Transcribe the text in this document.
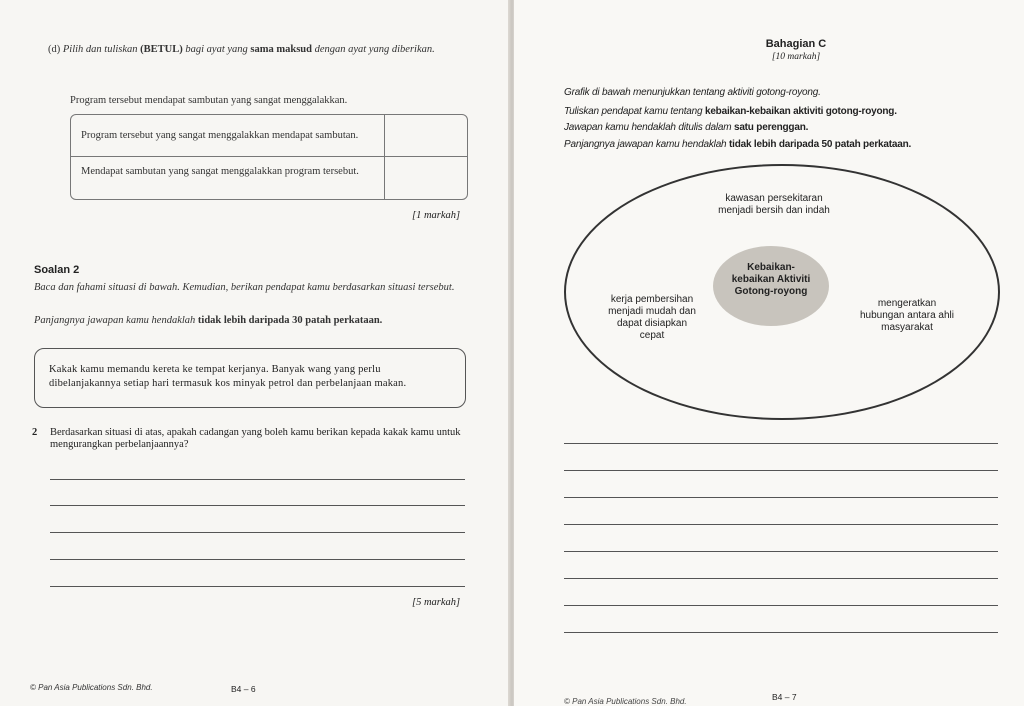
(d) Pilih dan tuliskan (BETUL) bagi ayat yang sama maksud dengan ayat yang diberikan.
Program tersebut mendapat sambutan yang sangat menggalakkan.
Program tersebut yang sangat menggalakkan mendapat sambutan.
Mendapat sambutan yang sangat menggalakkan program tersebut.
[1 markah]
Soalan 2
Baca dan fahami situasi di bawah. Kemudian, berikan pendapat kamu berdasarkan situasi tersebut.
Panjangnya jawapan kamu hendaklah tidak lebih daripada 30 patah perkataan.
Kakak kamu memandu kereta ke tempat kerjanya. Banyak wang yang perlu dibelanjakannya setiap hari termasuk kos minyak petrol dan perbelanjaan makan.
2 Berdasarkan situasi di atas, apakah cadangan yang boleh kamu berikan kepada kakak kamu untuk mengurangkan perbelanjaannya?
[5 markah]
© Pan Asia Publications Sdn. Bhd.	B4 – 6
Bahagian C
[10 markah]
Grafik di bawah menunjukkan tentang aktiviti gotong-royong.
Tuliskan pendapat kamu tentang kebaikan-kebaikan aktiviti gotong-royong.
Jawapan kamu hendaklah ditulis dalam satu perenggan.
Panjangnya jawapan kamu hendaklah tidak lebih daripada 50 patah perkataan.
Kebaikan-
kebaikan Aktiviti
Gotong-royong
kawasan persekitaran
menjadi bersih dan indah
kerja pembersihan
menjadi mudah dan
dapat disiapkan
cepat
mengeratkan
hubungan antara ahli
masyarakat
© Pan Asia Publications Sdn. Bhd.	B4 – 7
